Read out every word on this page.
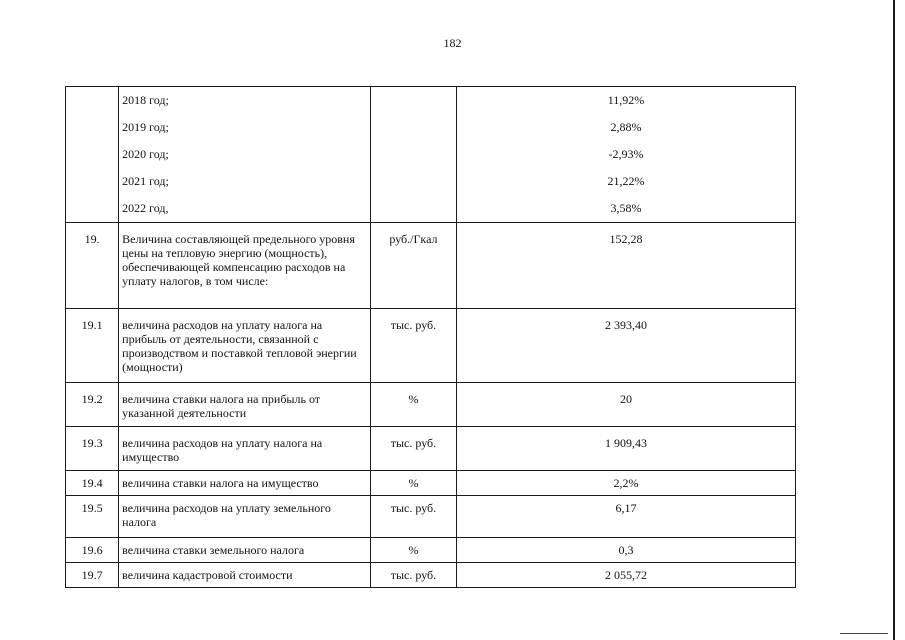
182
	2018 год;		11,92%
	2019 год;		2,88%
	2020 год;		-2,93%
	2021 год;		21,22%
	2022 год,		3,58%
19.	Величина составляющей предельного уровня цены на тепловую энергию (мощность), обеспечивающей компенсацию расходов на уплату налогов, в том числе:	руб./Гкал	152,28
19.1	величина расходов на уплату налога на прибыль от деятельности, связанной с производством и поставкой тепловой энергии (мощности)	тыс. руб.	2 393,40
19.2	величина ставки налога на прибыль от указанной деятельности	%	20
19.3	величина расходов на уплату налога на имущество	тыс. руб.	1 909,43
19.4	величина ставки налога на имущество	%	2,2%
19.5	величина расходов на уплату земельного налога	тыс. руб.	6,17
19.6	величина ставки земельного налога	%	0,3
19.7	величина кадастровой стоимости	тыс. руб.	2 055,72
